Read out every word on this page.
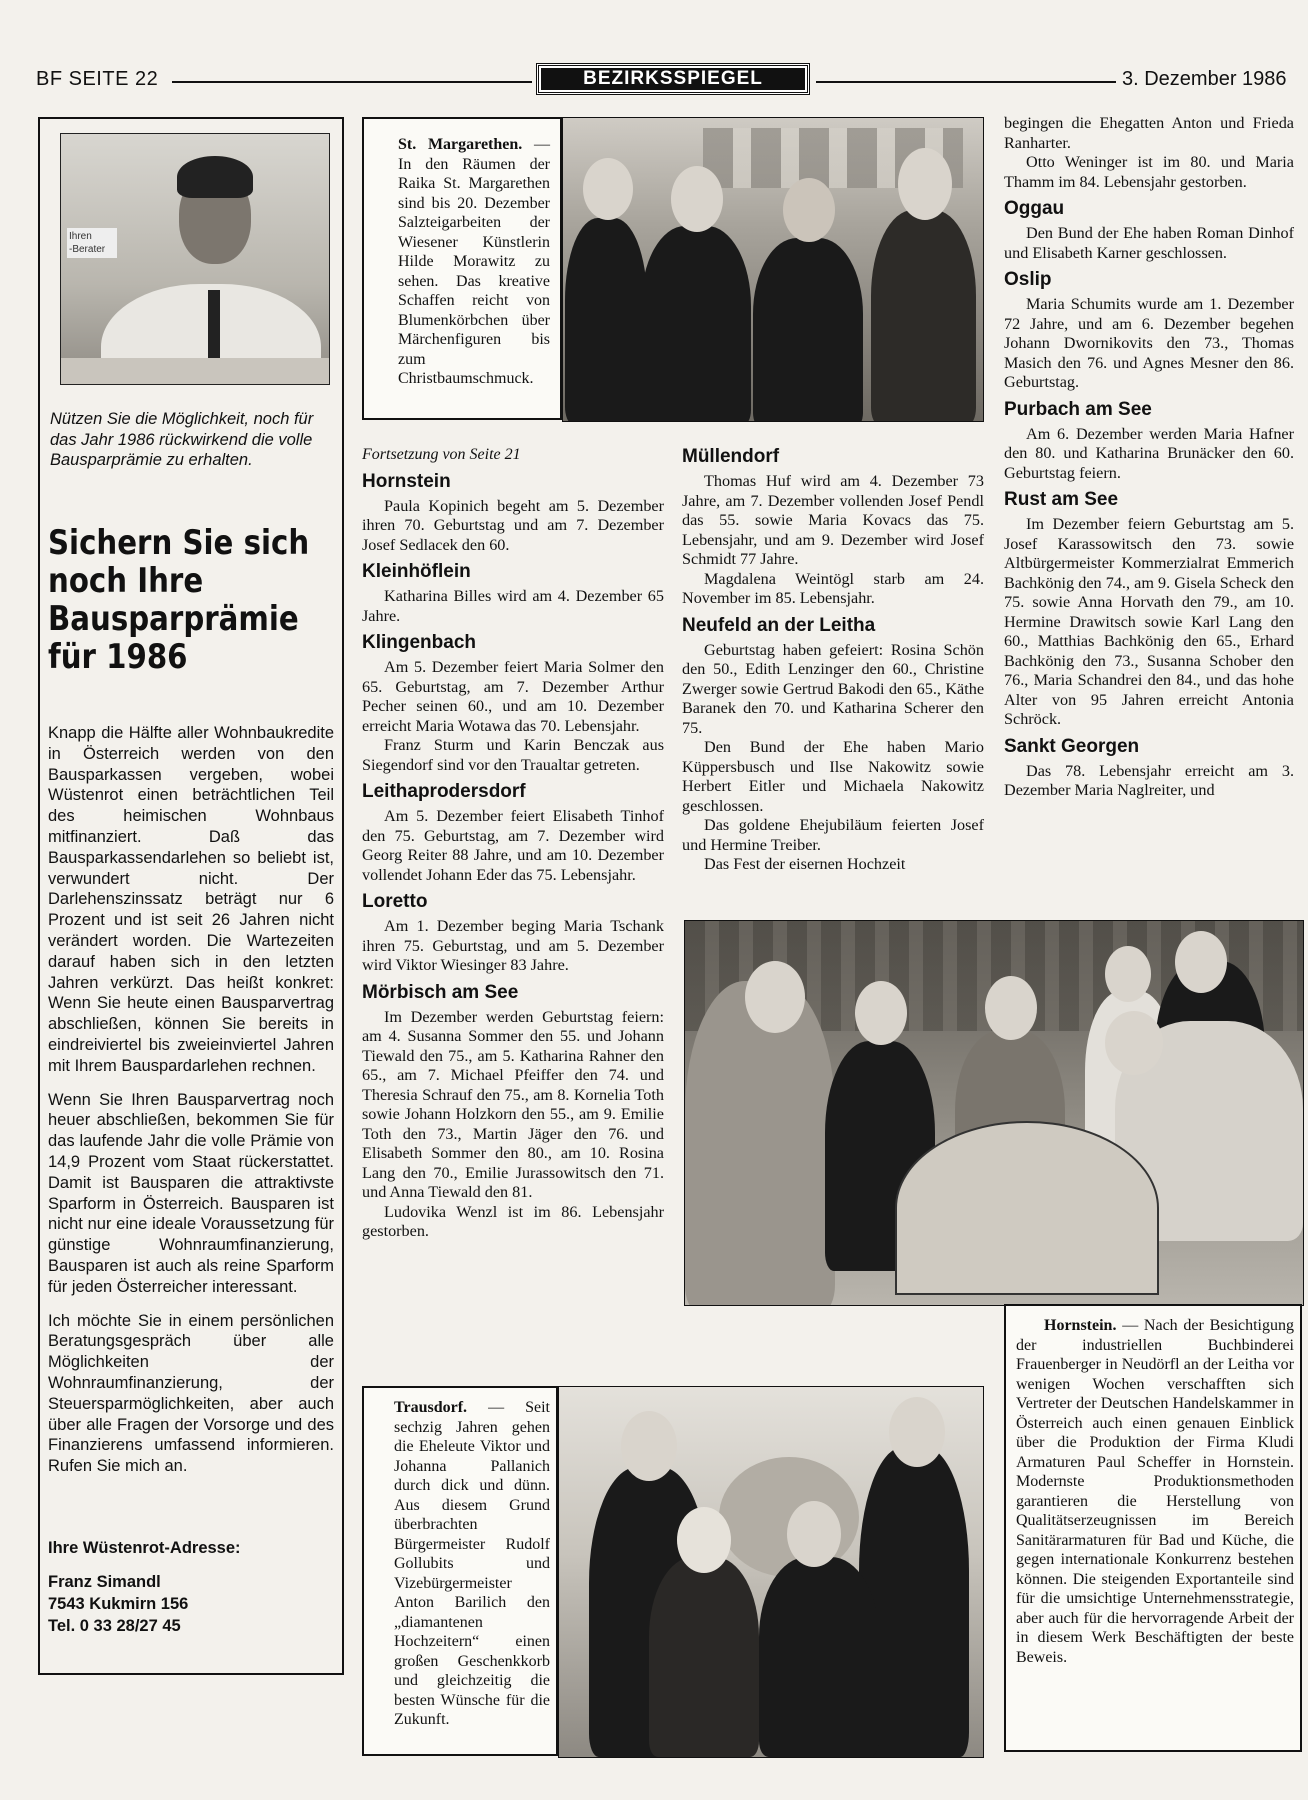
BF SEITE 22	BEZIRKSSPIEGEL	3. Dezember 1986
Ihren
-Berater
Nützen Sie die Möglichkeit, noch für das Jahr 1986 rückwirkend die volle Bausparprämie zu erhalten.
Sichern Sie sich noch Ihre Bausparprämie für 1986

Knapp die Hälfte aller Wohnbaukredite in Österreich werden von den Bausparkassen vergeben, wobei Wüstenrot einen beträchtlichen Teil des heimischen Wohnbaus mitfinanziert. Daß das Bausparkassendarlehen so beliebt ist, verwundert nicht. Der Darlehenszinssatz beträgt nur 6 Prozent und ist seit 26 Jahren nicht verändert worden. Die Wartezeiten darauf haben sich in den letzten Jahren verkürzt. Das heißt konkret: Wenn Sie heute einen Bausparvertrag abschließen, können Sie bereits in eindreiviertel bis zweieinviertel Jahren mit Ihrem Bauspardarlehen rechnen.

Wenn Sie Ihren Bausparvertrag noch heuer abschließen, bekommen Sie für das laufende Jahr die volle Prämie von 14,9 Prozent vom Staat rückerstattet. Damit ist Bausparen die attraktivste Sparform in Österreich. Bausparen ist nicht nur eine ideale Voraussetzung für günstige Wohnraumfinanzierung, Bausparen ist auch als reine Sparform für jeden Österreicher interessant.

Ich möchte Sie in einem persönlichen Beratungsgespräch über alle Möglichkeiten der Wohnraumfinanzierung, der Steuersparmöglichkeiten, aber auch über alle Fragen der Vorsorge und des Finanzierens umfassend informieren. Rufen Sie mich an.

Ihre Wüstenrot-Adresse:
Franz Simandl
7543 Kukmirn 156
Tel. 0 33 28/27 45
St. Margarethen. — In den Räumen der Raika St. Margarethen sind bis 20. Dezember Salzteigarbeiten der Wiesener Künstlerin Hilde Morawitz zu sehen. Das kreative Schaffen reicht von Blumenkörbchen über Märchenfiguren bis zum Christbaumschmuck.

Fortsetzung von Seite 21

Hornstein

Paula Kopinich begeht am 5. Dezember ihren 70. Geburtstag und am 7. Dezember Josef Sedlacek den 60.

Kleinhöflein

Katharina Billes wird am 4. Dezember 65 Jahre.

Klingenbach

Am 5. Dezember feiert Maria Solmer den 65. Geburtstag, am 7. Dezember Arthur Pecher seinen 60., und am 10. Dezember erreicht Maria Wotawa das 70. Lebensjahr.

Franz Sturm und Karin Benczak aus Siegendorf sind vor den Traualtar getreten.

Leithaprodersdorf

Am 5. Dezember feiert Elisabeth Tinhof den 75. Geburtstag, am 7. Dezember wird Georg Reiter 88 Jahre, und am 10. Dezember vollendet Johann Eder das 75. Lebensjahr.

Loretto

Am 1. Dezember beging Maria Tschank ihren 75. Geburtstag, und am 5. Dezember wird Viktor Wiesinger 83 Jahre.

Mörbisch am See

Im Dezember werden Geburtstag feiern: am 4. Susanna Sommer den 55. und Johann Tiewald den 75., am 5. Katharina Rahner den 65., am 7. Michael Pfeiffer den 74. und Theresia Schrauf den 75., am 8. Kornelia Toth sowie Johann Holzkorn den 55., am 9. Emilie Toth den 73., Martin Jäger den 76. und Elisabeth Sommer den 80., am 10. Rosina Lang den 70., Emilie Jurassowitsch den 71. und Anna Tiewald den 81.

Ludovika Wenzl ist im 86. Lebensjahr gestorben.

Müllendorf

Thomas Huf wird am 4. Dezember 73 Jahre, am 7. Dezember vollenden Josef Pendl das 55. sowie Maria Kovacs das 75. Lebensjahr, und am 9. Dezember wird Josef Schmidt 77 Jahre.

Magdalena Weintögl starb am 24. November im 85. Lebensjahr.

Neufeld an der Leitha

Geburtstag haben gefeiert: Rosina Schön den 50., Edith Lenzinger den 60., Christine Zwerger sowie Gertrud Bakodi den 65., Käthe Baranek den 70. und Katharina Scherer den 75.

Den Bund der Ehe haben Mario Küppersbusch und Ilse Nakowitz sowie Herbert Eitler und Michaela Nakowitz geschlossen.

Das goldene Ehejubiläum feierten Josef und Hermine Treiber.

Das Fest der eisernen Hochzeit

begingen die Ehegatten Anton und Frieda Ranharter.

Otto Weninger ist im 80. und Maria Thamm im 84. Lebensjahr gestorben.

Oggau

Den Bund der Ehe haben Roman Dinhof und Elisabeth Karner geschlossen.

Oslip

Maria Schumits wurde am 1. Dezember 72 Jahre, und am 6. Dezember begehen Johann Dwornikovits den 73., Thomas Masich den 76. und Agnes Mesner den 86. Geburtstag.

Purbach am See

Am 6. Dezember werden Maria Hafner den 80. und Katharina Brunäcker den 60. Geburtstag feiern.

Rust am See

Im Dezember feiern Geburtstag am 5. Josef Karassowitsch den 73. sowie Altbürgermeister Kommerzialrat Emmerich Bachkönig den 74., am 9. Gisela Scheck den 75. sowie Anna Horvath den 79., am 10. Hermine Drawitsch sowie Karl Lang den 60., Matthias Bachkönig den 65., Erhard Bachkönig den 73., Susanna Schober den 76., Maria Schandrei den 84., und das hohe Alter von 95 Jahren erreicht Antonia Schröck.

Sankt Georgen

Das 78. Lebensjahr erreicht am 3. Dezember Maria Naglreiter, und

Hornstein. — Nach der Besichtigung der industriellen Buchbinderei Frauenberger in Neudörfl an der Leitha vor wenigen Wochen verschafften sich Vertreter der Deutschen Handelskammer in Österreich auch einen genauen Einblick über die Produktion der Firma Kludi Armaturen Paul Scheffer in Hornstein. Modernste Produktionsmethoden garantieren die Herstellung von Qualitätserzeugnissen im Bereich Sanitärarmaturen für Bad und Küche, die gegen internationale Konkurrenz bestehen können. Die steigenden Exportanteile sind für die umsichtige Unternehmensstrategie, aber auch für die hervorragende Arbeit der in diesem Werk Beschäftigten der beste Beweis.
Trausdorf. — Seit sechzig Jahren gehen die Eheleute Viktor und Johanna Pallanich durch dick und dünn. Aus diesem Grund überbrachten Bürgermeister Rudolf Gollubits und Vizebürgermeister Anton Barilich den „diamantenen Hochzeitern“ einen großen Geschenkkorb und gleichzeitig die besten Wünsche für die Zukunft.
